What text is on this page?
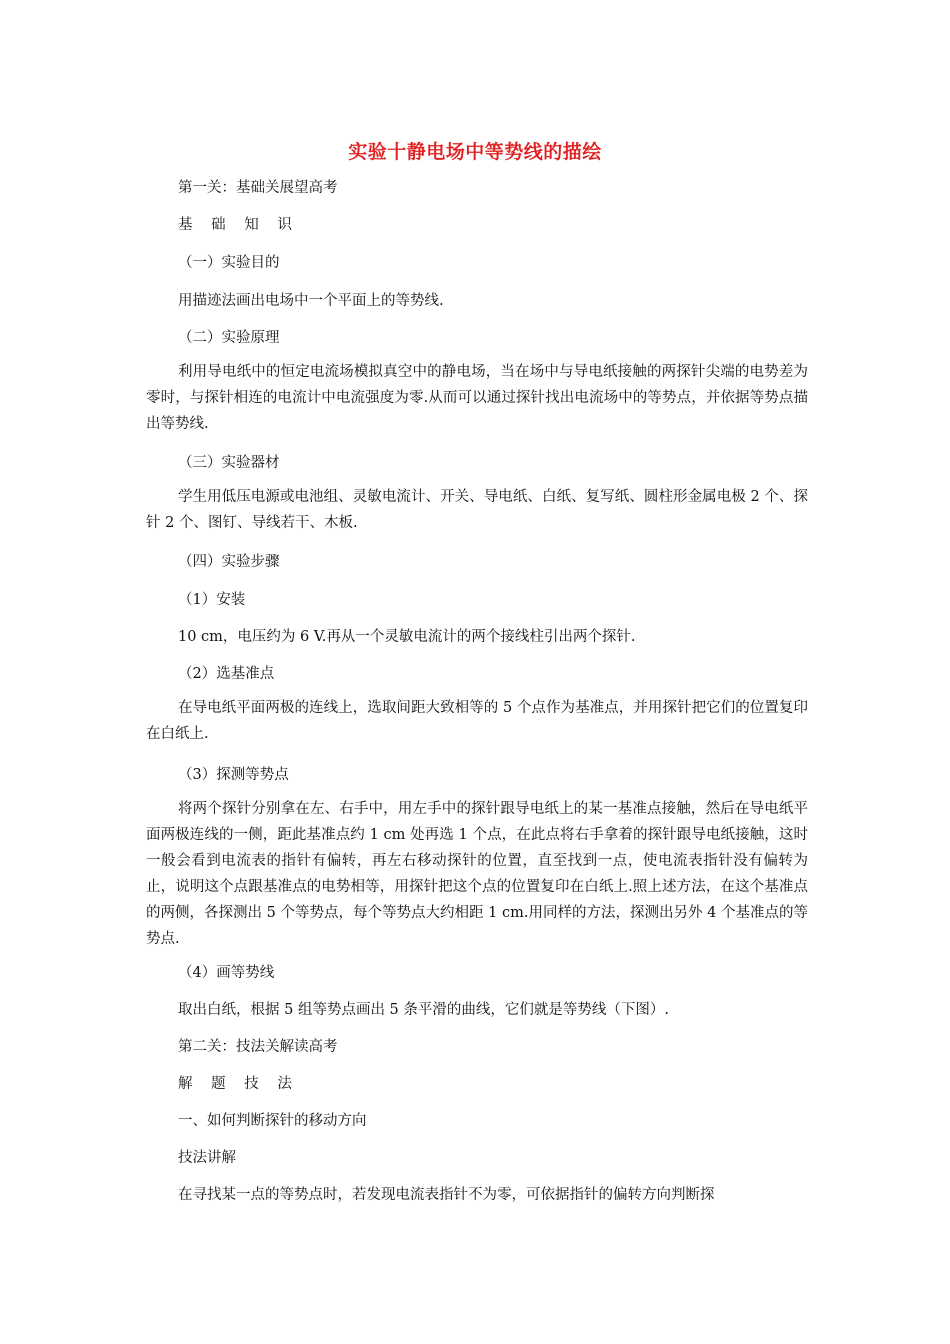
实验十静电场中等势线的描绘
第一关：基础关展望高考
基 础 知 识
（一）实验目的
用描迹法画出电场中一个平面上的等势线.
（二）实验原理
利用导电纸中的恒定电流场模拟真空中的静电场，当在场中与导电纸接触的两探针尖端的电势差为零时，与探针相连的电流计中电流强度为零.从而可以通过探针找出电流场中的等势点，并依据等势点描出等势线.
（三）实验器材
学生用低压电源或电池组、灵敏电流计、开关、导电纸、白纸、复写纸、圆柱形金属电极 2 个、探针 2 个、图钉、导线若干、木板.
（四）实验步骤
（1）安装
10 cm，电压约为 6 V.再从一个灵敏电流计的两个接线柱引出两个探针.
（2）选基准点
在导电纸平面两极的连线上，选取间距大致相等的 5 个点作为基准点，并用探针把它们的位置复印在白纸上.
（3）探测等势点
将两个探针分别拿在左、右手中，用左手中的探针跟导电纸上的某一基准点接触，然后在导电纸平面两极连线的一侧，距此基准点约 1 cm 处再选 1 个点，在此点将右手拿着的探针跟导电纸接触，这时一般会看到电流表的指针有偏转，再左右移动探针的位置，直至找到一点，使电流表指针没有偏转为止，说明这个点跟基准点的电势相等，用探针把这个点的位置复印在白纸上.照上述方法，在这个基准点的两侧，各探测出 5 个等势点，每个等势点大约相距 1 cm.用同样的方法，探测出另外 4 个基准点的等势点.
（4）画等势线
取出白纸，根据 5 组等势点画出 5 条平滑的曲线，它们就是等势线（下图）.
第二关：技法关解读高考
解 题 技 法
一、如何判断探针的移动方向
技法讲解
在寻找某一点的等势点时，若发现电流表指针不为零，可依据指针的偏转方向判断探
